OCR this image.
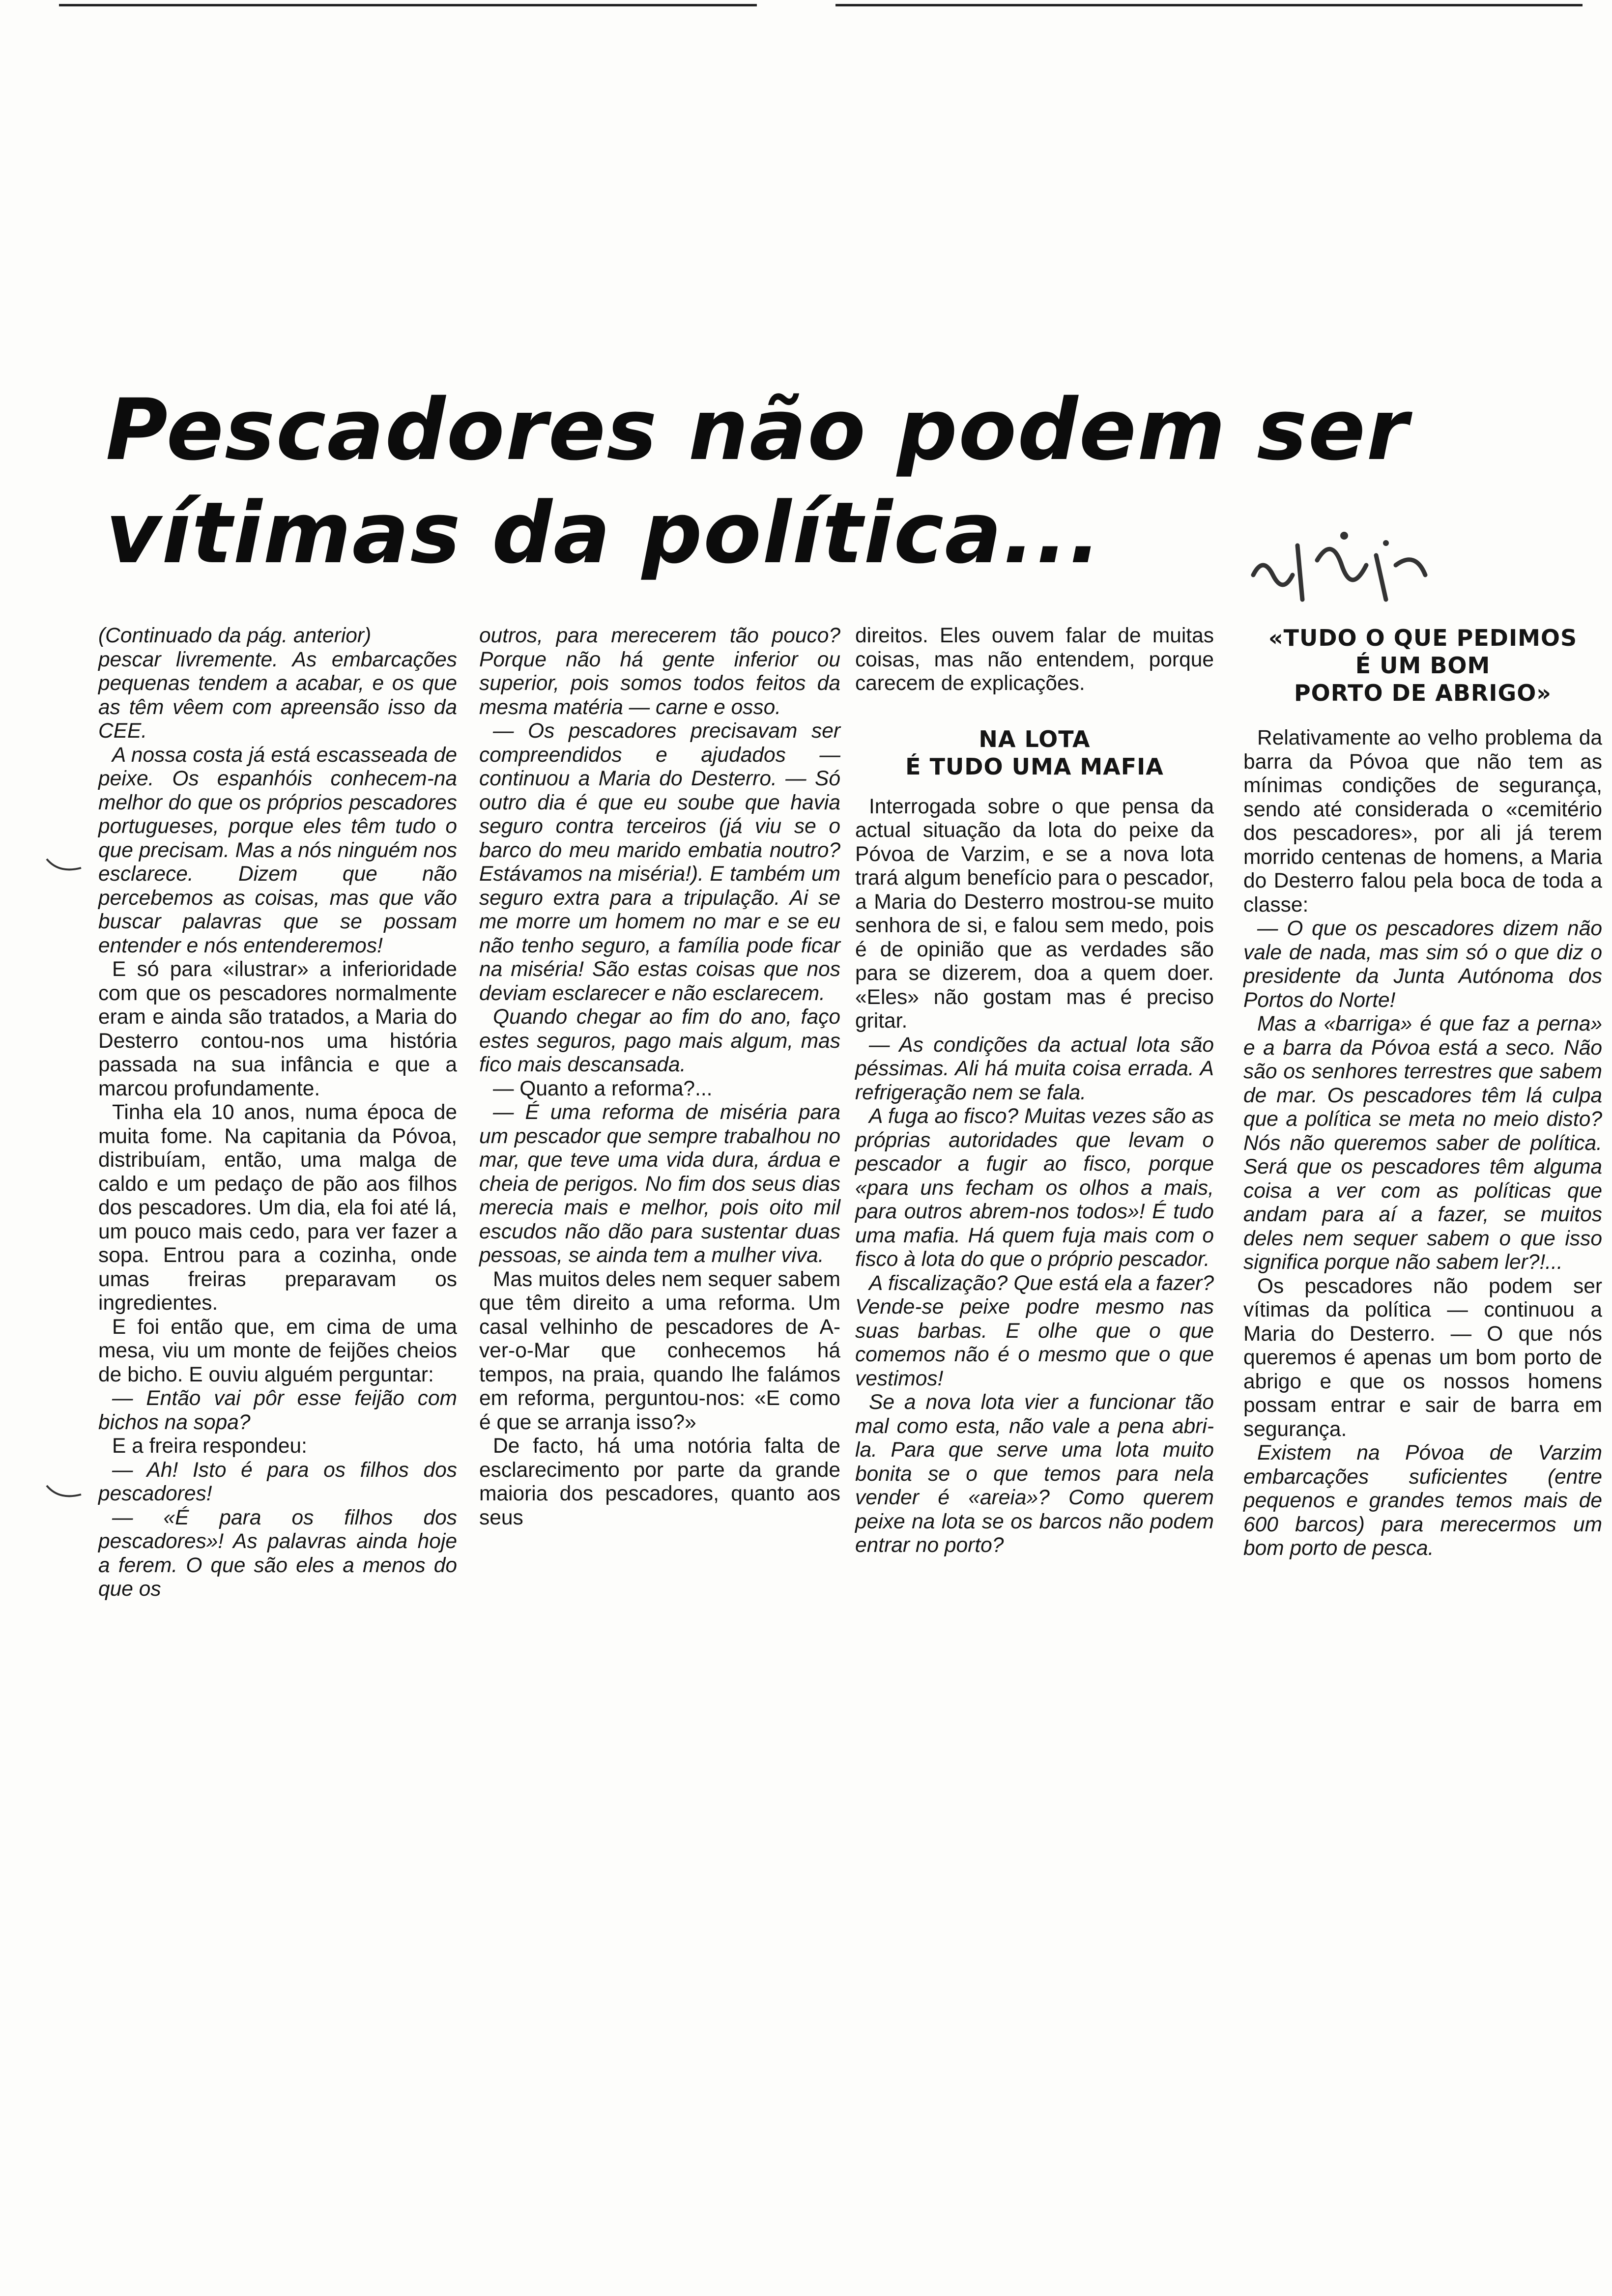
Pescadores não podem ser
vítimas da política...

(Continuado da pág. anterior)

pescar livremente. As embarcações pequenas tendem a acabar, e os que as têm vêem com apreensão isso da CEE.

A nossa costa já está escasseada de peixe. Os espanhóis conhecem-na melhor do que os próprios pescadores portugueses, porque eles têm tudo o que precisam. Mas a nós ninguém nos esclarece. Dizem que não percebemos as coisas, mas que vão buscar palavras que se possam entender e nós entenderemos!

E só para «ilustrar» a inferioridade com que os pescadores normalmente eram e ainda são tratados, a Maria do Desterro contou-nos uma história passada na sua infância e que a marcou profundamente.

Tinha ela 10 anos, numa época de muita fome. Na capitania da Póvoa, distribuíam, então, uma malga de caldo e um pedaço de pão aos filhos dos pescadores. Um dia, ela foi até lá, um pouco mais cedo, para ver fazer a sopa. Entrou para a cozinha, onde umas freiras preparavam os ingredientes.

E foi então que, em cima de uma mesa, viu um monte de feijões cheios de bicho. E ouviu alguém perguntar:

— Então vai pôr esse feijão com bichos na sopa?

E a freira respondeu:

— Ah! Isto é para os filhos dos pescadores!

— «É para os filhos dos pescadores»! As palavras ainda hoje a ferem. O que são eles a menos do que os

outros, para merecerem tão pouco? Porque não há gente inferior ou superior, pois somos todos feitos da mesma matéria — carne e osso.

— Os pescadores precisavam ser compreendidos e ajudados — continuou a Maria do Desterro. — Só outro dia é que eu soube que havia seguro contra terceiros (já viu se o barco do meu marido embatia noutro? Estávamos na miséria!). E também um seguro extra para a tripulação. Ai se me morre um homem no mar e se eu não tenho seguro, a família pode ficar na miséria! São estas coisas que nos deviam esclarecer e não esclarecem.

Quando chegar ao fim do ano, faço estes seguros, pago mais algum, mas fico mais descansada.

— Quanto a reforma?...

— É uma reforma de miséria para um pescador que sempre trabalhou no mar, que teve uma vida dura, árdua e cheia de perigos. No fim dos seus dias merecia mais e melhor, pois oito mil escudos não dão para sustentar duas pessoas, se ainda tem a mulher viva.

Mas muitos deles nem sequer sabem que têm direito a uma reforma. Um casal velhinho de pescadores de A-ver-o-Mar que conhecemos há tempos, na praia, quando lhe falámos em reforma, perguntou-nos: «E como é que se arranja isso?»

De facto, há uma notória falta de esclarecimento por parte da grande maioria dos pescadores, quanto aos seus

direitos. Eles ouvem falar de muitas coisas, mas não entendem, porque carecem de explicações.

NA LOTA
É TUDO UMA MAFIA

Interrogada sobre o que pensa da actual situação da lota do peixe da Póvoa de Varzim, e se a nova lota trará algum benefício para o pescador, a Maria do Desterro mostrou-se muito senhora de si, e falou sem medo, pois é de opinião que as verdades são para se dizerem, doa a quem doer. «Eles» não gostam mas é preciso gritar.

— As condições da actual lota são péssimas. Ali há muita coisa errada. A refrigeração nem se fala.

A fuga ao fisco? Muitas vezes são as próprias autoridades que levam o pescador a fugir ao fisco, porque «para uns fecham os olhos a mais, para outros abrem-nos todos»! É tudo uma mafia. Há quem fuja mais com o fisco à lota do que o próprio pescador.

A fiscalização? Que está ela a fazer? Vende-se peixe podre mesmo nas suas barbas. E olhe que o que comemos não é o mesmo que o que vestimos!

Se a nova lota vier a funcionar tão mal como esta, não vale a pena abri-la. Para que serve uma lota muito bonita se o que temos para nela vender é «areia»? Como querem peixe na lota se os barcos não podem entrar no porto?

«TUDO O QUE PEDIMOS
É UM BOM
PORTO DE ABRIGO»

Relativamente ao velho problema da barra da Póvoa que não tem as mínimas condições de segurança, sendo até considerada o «cemitério dos pescadores», por ali já terem morrido centenas de homens, a Maria do Desterro falou pela boca de toda a classe:

— O que os pescadores dizem não vale de nada, mas sim só o que diz o presidente da Junta Autónoma dos Portos do Norte!

Mas a «barriga» é que faz a perna» e a barra da Póvoa está a seco. Não são os senhores terrestres que sabem de mar. Os pescadores têm lá culpa que a política se meta no meio disto? Nós não queremos saber de política. Será que os pescadores têm alguma coisa a ver com as políticas que andam para aí a fazer, se muitos deles nem sequer sabem o que isso significa porque não sabem ler?!...

Os pescadores não podem ser vítimas da política — continuou a Maria do Desterro. — O que nós queremos é apenas um bom porto de abrigo e que os nossos homens possam entrar e sair de barra em segurança.

Existem na Póvoa de Varzim embarcações suficientes (entre pequenos e grandes temos mais de 600 barcos) para merecermos um bom porto de pesca.
